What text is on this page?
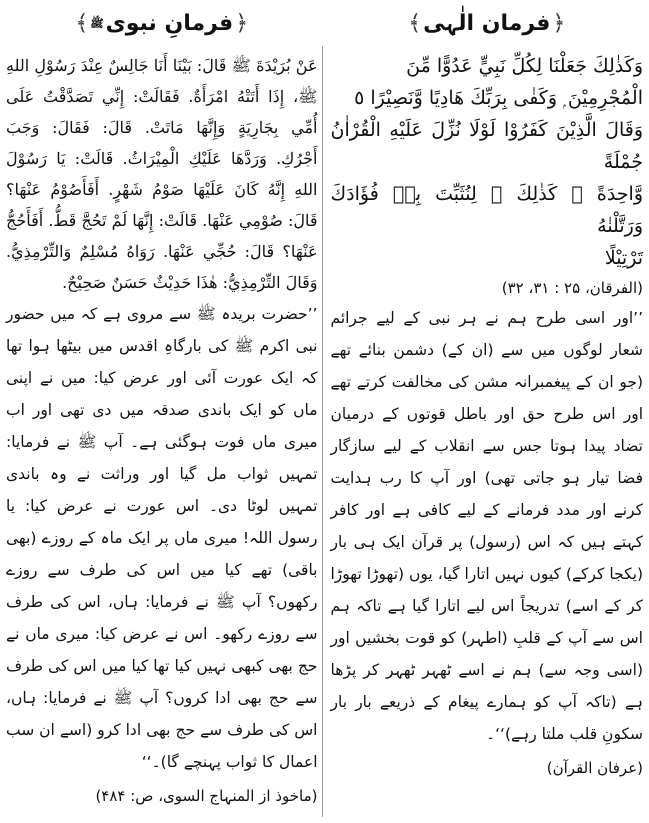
﴿
فرمان الٰہی
﴾

وَكَذٰلِكَ جَعَلْنَا لِكُلِّ نَبِيٍّ عَدُوًّا مِّنَ

الْمُجْرِمِيْنَ ۭ وَكَفٰى بِرَبِّكَ هَادِيًا وَّنَصِيْرًا ٥

وَقَالَ الَّذِيْنَ كَفَرُوْا لَوْلَا نُزِّلَ عَلَيْهِ الْقُرْاٰنُ جُمْلَةً

وَّاحِدَةً ۚ كَذٰلِكَ ۚ لِنُثَبِّتَ بِهٖ فُؤَادَكَ وَرَتَّلْنٰهُ

تَرْتِيْلًا

(الفرقان، ۲۵ : ۳۱، ۳۲)

’’اور اسی طرح ہم نے ہر نبی کے لیے جرائم شعار لوگوں میں سے (ان کے) دشمن بنائے تھے (جو ان کے پیغمبرانہ مشن کی مخالفت کرتے تھے اور اس طرح حق اور باطل قوتوں کے درمیان تضاد پیدا ہوتا جس سے انقلاب کے لیے سازگار فضا تیار ہو جاتی تھی) اور آپ کا رب ہدایت کرنے اور مدد فرمانے کے لیے کافی ہے اور کافر کہتے ہیں کہ اس (رسول) پر قرآن ایک ہی بار (یکجا کرکے) کیوں نہیں اتارا گیا، یوں (تھوڑا تھوڑا کر کے اسے) تدریجاً اس لیے اتارا گیا ہے تاکہ ہم اس سے آپ کے قلبِ (اطہر) کو قوت بخشیں اور (اسی وجہ سے) ہم نے اسے ٹھہر ٹھہر کر پڑھا ہے (تاکہ آپ کو ہمارے پیغام کے ذریعے بار بار سکونِ قلب ملتا رہے)‘‘۔

(عرفان القرآن)

﴿
فرمانِ نبوی
ﷺ
﴾

عَنْ بُرَيْدَةَ ﷺ قَالَ: بَيْنَا أَنَا جَالِسٌ عِنْدَ رَسُوْلِ اللهِ ﷺ، إِذَا أَتَتْهُ امْرَأَةٌ. فَقَالَتْ: إِنِّي تَصَدَّقْتُ عَلَى أُمِّي بِجَارِيَةٍ وَإِنَّهَا مَاتَتْ. قَالَ: فَقَالَ: وَجَبَ أَجْرُكِ. وَرَدَّهَا عَلَيْكِ الْمِيْرَاثُ. قَالَتْ: يَا رَسُوْلَ اللهِ إِنَّهُ كَانَ عَلَيْهَا صَوْمُ شَهْرٍ. أَفَأَصُوْمُ عَنْهَا؟ قَالَ: صُوْمِي عَنْهَا. قَالَتْ: إِنَّهَا لَمْ تَحُجَّ قَطُّ. أَفَأَحُجُّ عَنْهَا؟ قَالَ: حُجِّي عَنْهَا. رَوَاهُ مُسْلِمٌ وَالتِّرْمِذِيُّ. وَقَالَ التِّرْمِذِيُّ: هٰذَا حَدِيْثٌ حَسَنٌ صَحِيْحٌ.

’’حضرت بریدہ ﷺ سے مروی ہے کہ میں حضور نبی اکرم ﷺ کی بارگاہِ اقدس میں بیٹھا ہوا تھا کہ ایک عورت آئی اور عرض کیا: میں نے اپنی ماں کو ایک باندی صدقہ میں دی تھی اور اب میری ماں فوت ہوگئی ہے۔ آپ ﷺ نے فرمایا: تمہیں ثواب مل گیا اور وراثت نے وہ باندی تمہیں لوٹا دی۔ اس عورت نے عرض کیا: یا رسول اللہ! میری ماں پر ایک ماہ کے روزے (بھی باقی) تھے کیا میں اس کی طرف سے روزے رکھوں؟ آپ ﷺ نے فرمایا: ہاں، اس کی طرف سے روزے رکھو۔ اس نے عرض کیا: میری ماں نے حج بھی کبھی نہیں کیا تھا کیا میں اس کی طرف سے حج بھی ادا کروں؟ آپ ﷺ نے فرمایا: ہاں، اس کی طرف سے حج بھی ادا کرو (اسے ان سب اعمال کا ثواب پہنچے گا)۔‘‘

(ماخوذ از المنہاج السوی، ص: ۴۸۴)
